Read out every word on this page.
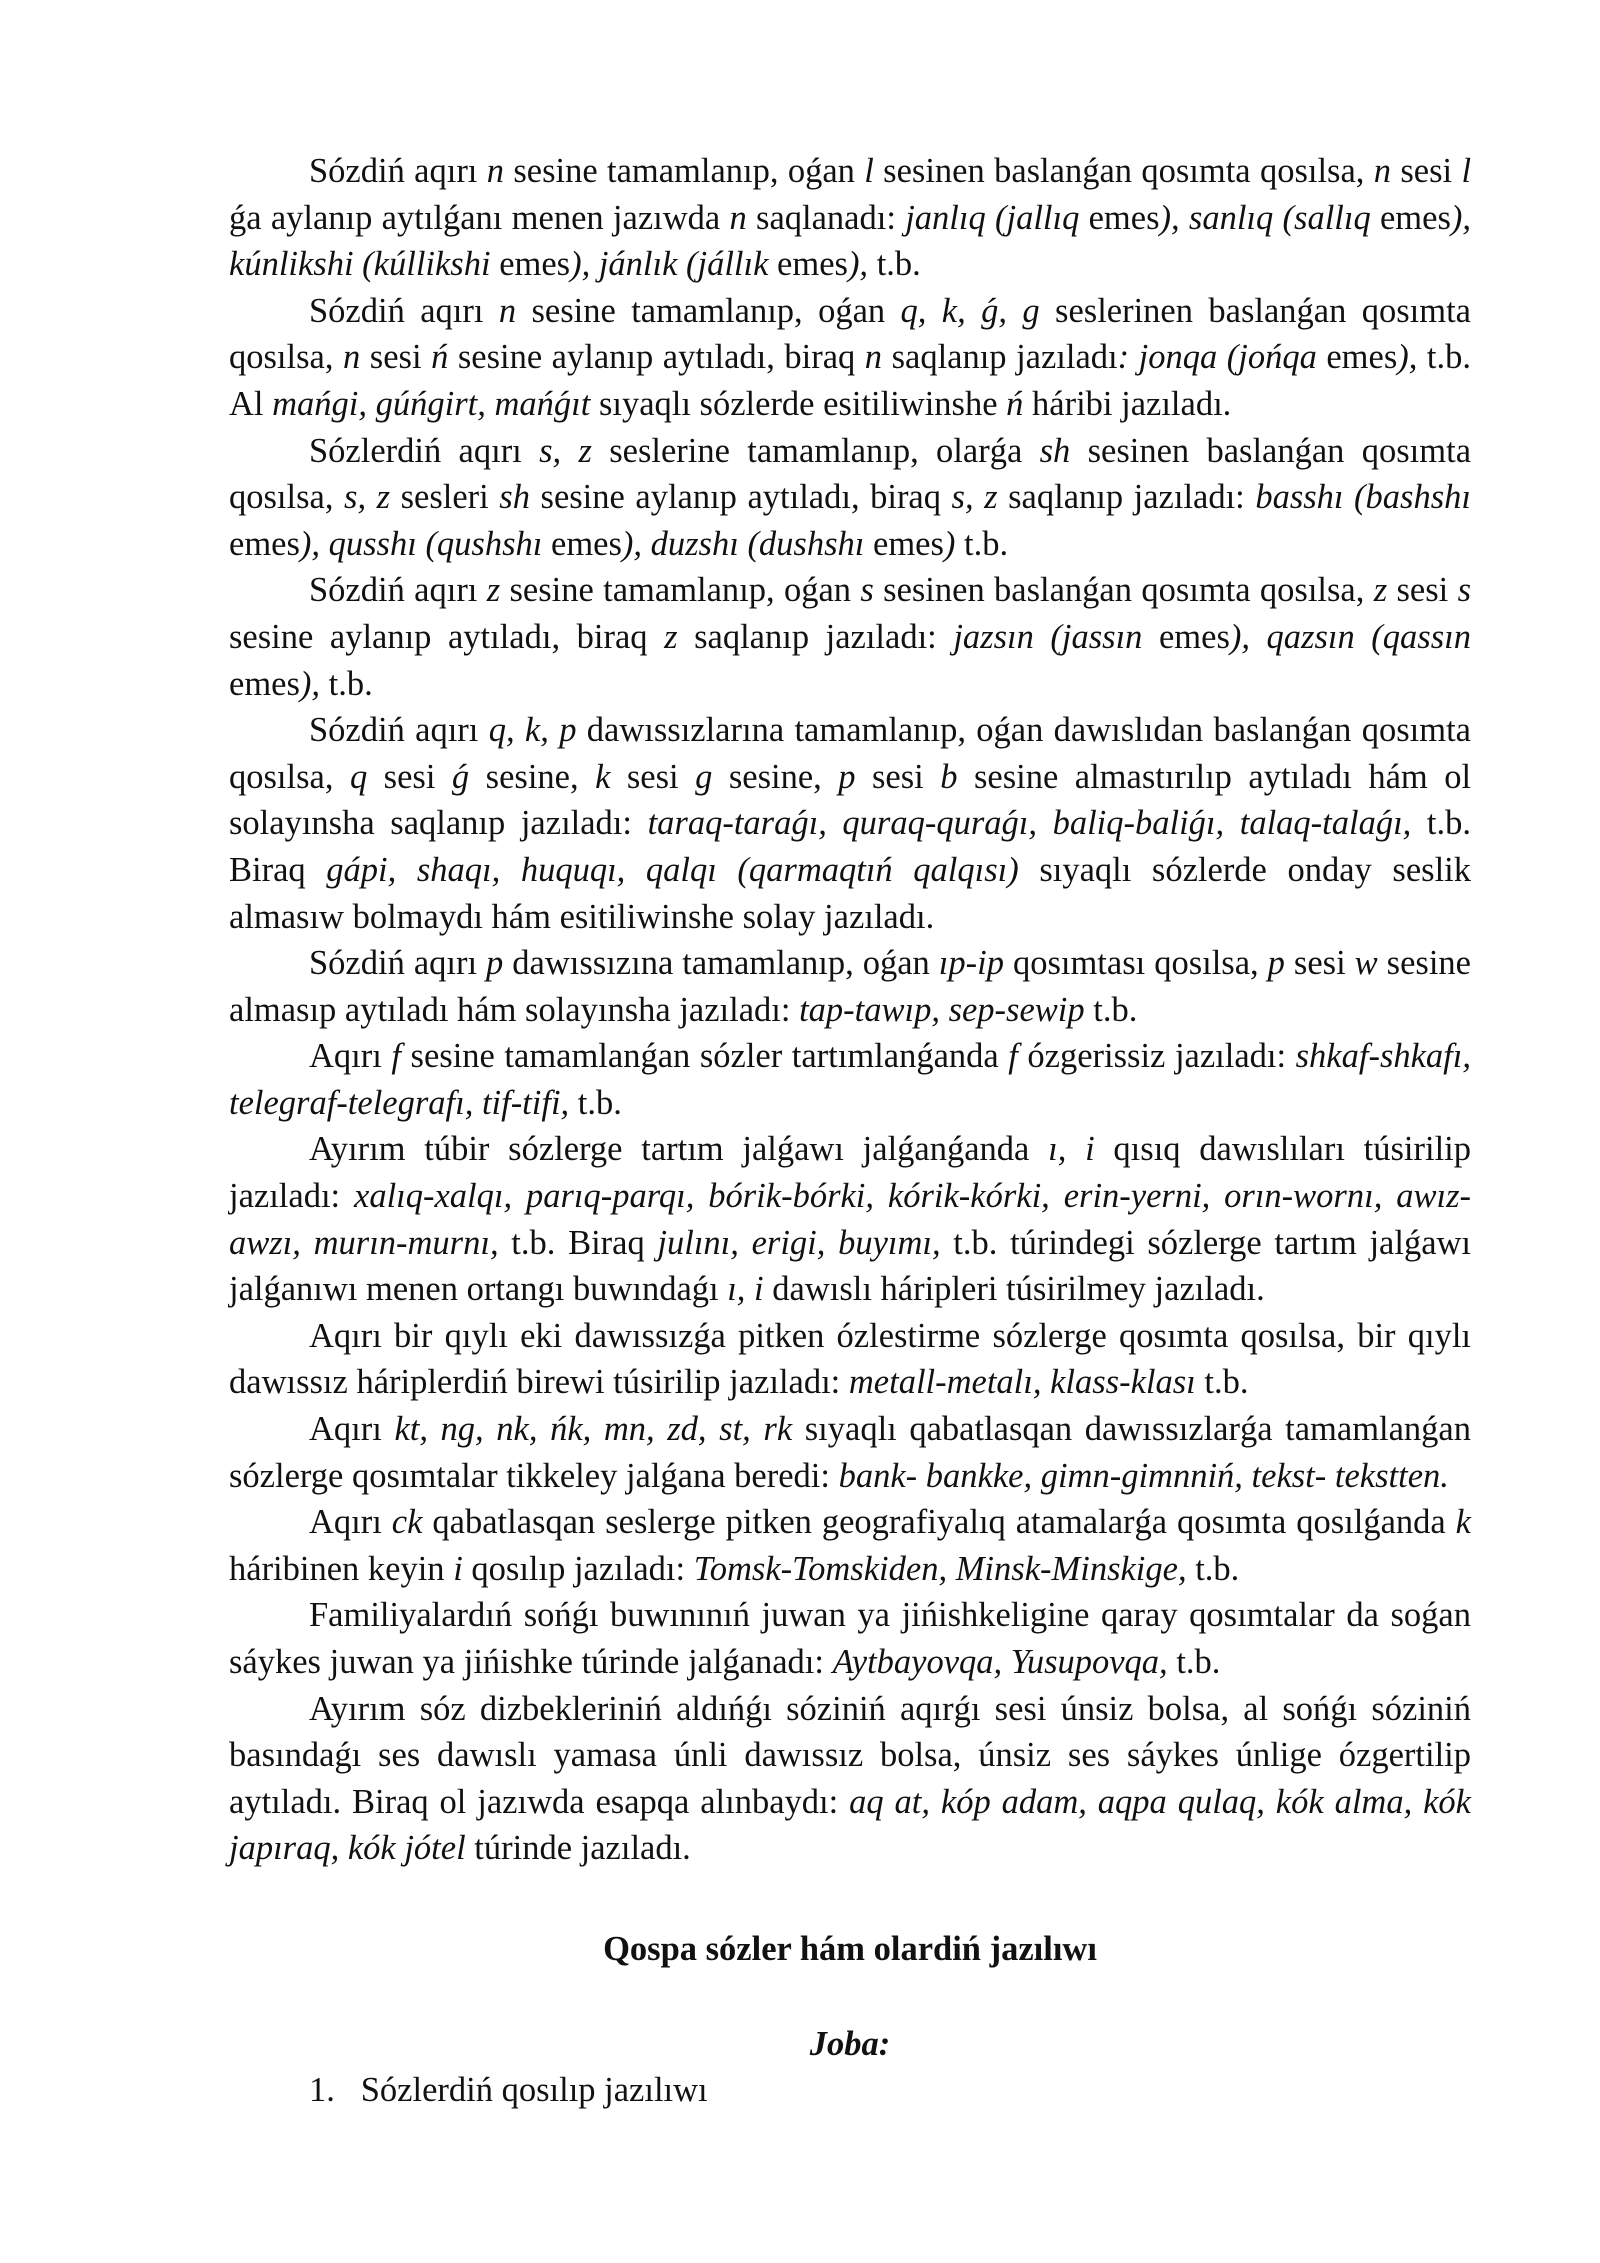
Sózdiń aqırı n sesine tamamlanıp, oǵan l sesinen baslanǵan qosımta qosılsa, n sesi l ǵa aylanıp aytılǵanı menen jazıwda n saqlanadı: janlıq (jallıq emes), sanlıq (sallıq emes), kúnlikshi (kúllikshi emes), jánlık (jállık emes), t.b.

Sózdiń aqırı n sesine tamamlanıp, oǵan q, k, ǵ, g seslerinen baslanǵan qosımta qosılsa, n sesi ń sesine aylanıp aytıladı, biraq n saqlanıp jazıladı: jonqa (jońqa emes), t.b. Al mańgi, gúńgirt, mańǵıt sıyaqlı sózlerde esitiliwinshe ń háribi jazıladı.

Sózlerdiń aqırı s, z seslerine tamamlanıp, olarǵa sh sesinen baslanǵan qosımta qosılsa, s, z sesleri sh sesine aylanıp aytıladı, biraq s, z saqlanıp jazıladı: basshı (bashshı emes), qusshı (qushshı emes), duzshı (dushshı emes) t.b.

Sózdiń aqırı z sesine tamamlanıp, oǵan s sesinen baslanǵan qosımta qosılsa, z sesi s sesine aylanıp aytıladı, biraq z saqlanıp jazıladı: jazsın (jassın emes), qazsın (qassın emes), t.b.

Sózdiń aqırı q, k, p dawıssızlarına tamamlanıp, oǵan dawıslıdan baslanǵan qosımta qosılsa, q sesi ǵ sesine, k sesi g sesine, p sesi b sesine almastırılıp aytıladı hám ol solayınsha saqlanıp jazıladı: taraq-taraǵı, quraq-quraǵı, baliq-baliǵı, talaq-talaǵı, t.b. Biraq gápi, shaqı, huquqı, qalqı (qarmaqtıń qalqısı) sıyaqlı sózlerde onday seslik almasıw bolmaydı hám esitiliwinshe solay jazıladı.

Sózdiń aqırı p dawıssızına tamamlanıp, oǵan ıp-ip qosımtası qosılsa, p sesi w sesine almasıp aytıladı hám solayınsha jazıladı: tap-tawıp, sep-sewip t.b.

Aqırı f sesine tamamlanǵan sózler tartımlanǵanda f ózgerissiz jazıladı: shkaf-shkafı, telegraf-telegrafı, tif-tifi, t.b.

Ayırım túbir sózlerge tartım jalǵawı jalǵanǵanda ı, i qısıq dawıslıları túsirilip jazıladı: xalıq-xalqı, parıq-parqı, bórik-bórki, kórik-kórki, erin-yerni, orın-wornı, awız-awzı, murın-murnı, t.b. Biraq julını, erigi, buyımı, t.b. túrindegi sózlerge tartım jalǵawı jalǵanıwı menen ortangı buwındaǵı ı, i dawıslı háripleri túsirilmey jazıladı.

Aqırı bir qıylı eki dawıssızǵa pitken ózlestirme sózlerge qosımta qosılsa, bir qıylı dawıssız háriplerdiń birewi túsirilip jazıladı: metall-metalı, klass-klası t.b.

Aqırı kt, ng, nk, ńk, mn, zd, st, rk sıyaqlı qabatlasqan dawıssızlarǵa tamamlanǵan sózlerge qosımtalar tikkeley jalǵana beredi: bank- bankke, gimn-gimnniń, tekst- tekstten.

Aqırı ck qabatlasqan seslerge pitken geografiyalıq atamalarǵa qosımta qosılǵanda k háribinen keyin i qosılıp jazıladı: Tomsk-Tomskiden, Minsk-Minskige, t.b.

Familiyalardıń sońǵı buwınınıń juwan ya jińishkeligine qaray qosımtalar da soǵan sáykes juwan ya jińishke túrinde jalǵanadı: Aytbayovqa, Yusupovqa, t.b.

Ayırım sóz dizbekleriniń aldıńǵı sóziniń aqırǵı sesi únsiz bolsa, al sońǵı sóziniń basındaǵı ses dawıslı yamasa únli dawıssız bolsa, únsiz ses sáykes únlige ózgertilip aytıladı. Biraq ol jazıwda esapqa alınbaydı: aq at, kóp adam, aqpa qulaq, kók alma, kók japıraq, kók jótel túrinde jazıladı.

Qospa sózler hám olardiń jazılıwı
Joba:
1. Sózlerdiń qosılıp jazılıwı
